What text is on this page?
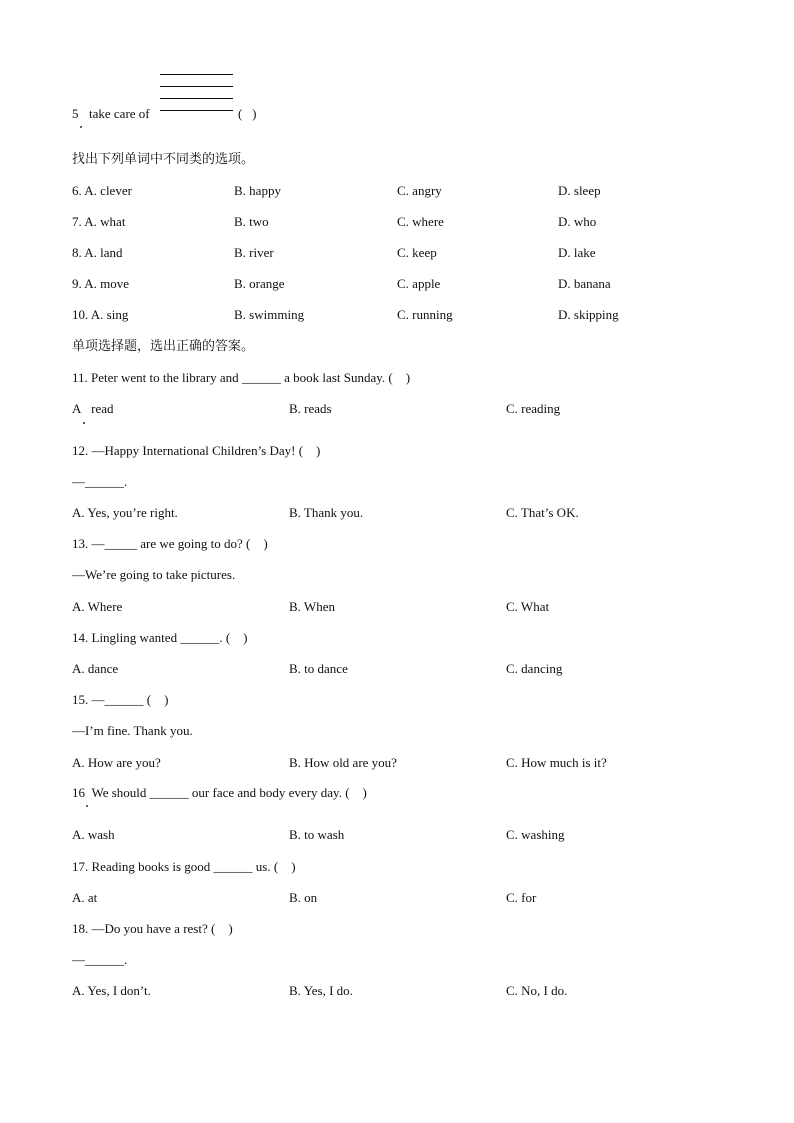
5 take care of	(   )
找出下列单词中不同类的选项。
6. A. clever	B. happy	C. angry	D. sleep
7. A. what	B. two	C. where	D. who
8. A. land	B. river	C. keep	D. lake
9. A. move	B. orange	C. apple	D. banana
10. A. sing	B. swimming	C. running	D. skipping
单项选择题，选出正确的答案。
11. Peter went to the library and ______ a book last Sunday. (    )
A   read	B. reads	C. reading
12. —Happy International Children’s Day! (    )
—______.
A. Yes, you’re right.	B. Thank you.	C. That’s OK.
13. —_____ are we going to do? (    )
—We’re going to take pictures.
A. Where	B. When	C. What
14. Lingling wanted ______. (    )
A. dance	B. to dance	C. dancing
15. —______ (    )
—I’m fine. Thank you.
A. How are you?	B. How old are you?	C. How much is it?
16  We should ______ our face and body every day. (    )
A. wash	B. to wash	C. washing
17. Reading books is good ______ us. (    )
A. at	B. on	C. for
18. —Do you have a rest? (    )
—______.
A. Yes, I don’t.	B. Yes, I do.	C. No, I do.
